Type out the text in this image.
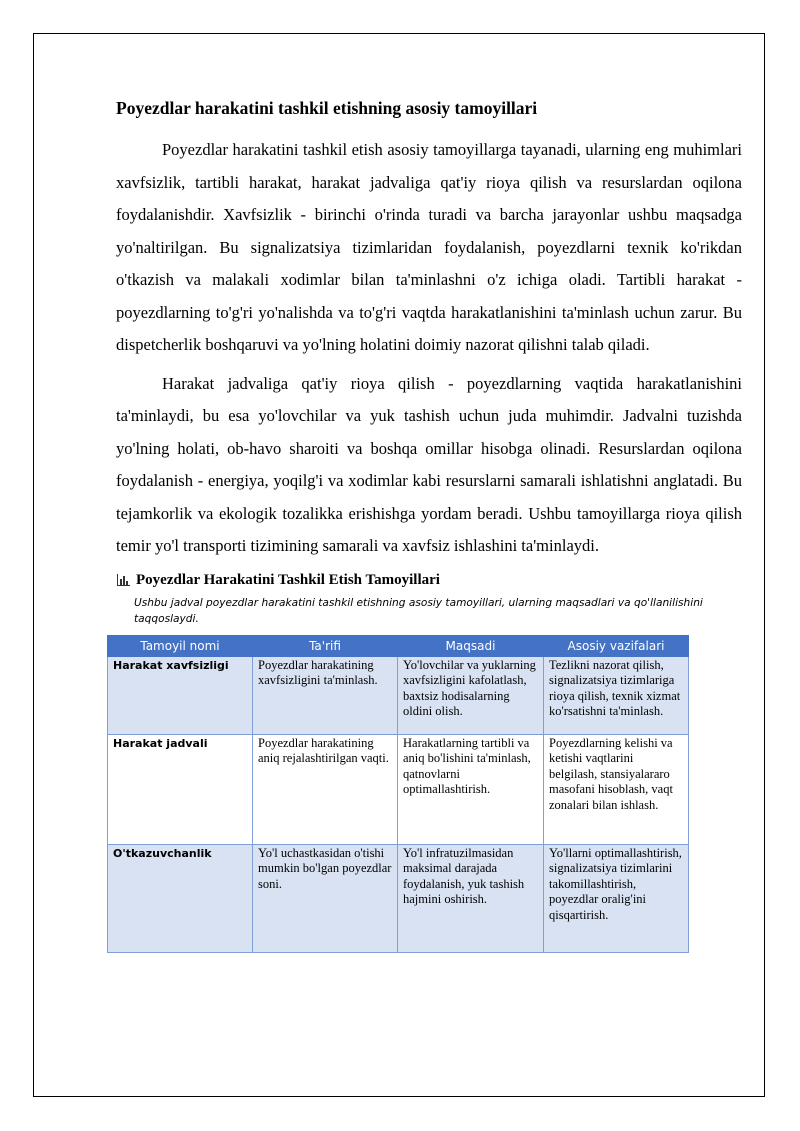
Poyezdlar harakatini tashkil etishning asosiy tamoyillari

Poyezdlar harakatini tashkil etish asosiy tamoyillarga tayanadi, ularning eng muhimlari xavfsizlik, tartibli harakat, harakat jadvaliga qat'iy rioya qilish va resurslardan oqilona foydalanishdir. Xavfsizlik - birinchi o'rinda turadi va barcha jarayonlar ushbu maqsadga yo'naltirilgan. Bu signalizatsiya tizimlaridan foydalanish, poyezdlarni texnik ko'rikdan o'tkazish va malakali xodimlar bilan ta'minlashni o'z ichiga oladi. Tartibli harakat - poyezdlarning to'g'ri yo'nalishda va to'g'ri vaqtda harakatlanishini ta'minlash uchun zarur. Bu dispetcherlik boshqaruvi va yo'lning holatini doimiy nazorat qilishni talab qiladi.

Harakat jadvaliga qat'iy rioya qilish - poyezdlarning vaqtida harakatlanishini ta'minlaydi, bu esa yo'lovchilar va yuk tashish uchun juda muhimdir. Jadvalni tuzishda yo'lning holati, ob-havo sharoiti va boshqa omillar hisobga olinadi. Resurslardan oqilona foydalanish - energiya, yoqilg'i va xodimlar kabi resurslarni samarali ishlatishni anglatadi. Bu tejamkorlik va ekologik tozalikka erishishga yordam beradi. Ushbu tamoyillarga rioya qilish temir yo'l transporti tizimining samarali va xavfsiz ishlashini ta'minlaydi.

Poyezdlar Harakatini Tashkil Etish Tamoyillari
Ushbu jadval poyezdlar harakatini tashkil etishning asosiy tamoyillari, ularning maqsadlari va qo'llanilishini taqqoslaydi.
Tamoyil nomi	Ta'rifi	Maqsadi	Asosiy vazifalari
Harakat xavfsizligi	Poyezdlar harakatining xavfsizligini ta'minlash.	Yo'lovchilar va yuklarning xavfsizligini kafolatlash, baxtsiz hodisalarning oldini olish.	Tezlikni nazorat qilish, signalizatsiya tizimlariga rioya qilish, texnik xizmat ko'rsatishni ta'minlash.
Harakat jadvali	Poyezdlar harakatining aniq rejalashtirilgan vaqti.	Harakatlarning tartibli va aniq bo'lishini ta'minlash, qatnovlarni optimallashtirish.	Poyezdlarning kelishi va ketishi vaqtlarini belgilash, stansiyalararo masofani hisoblash, vaqt zonalari bilan ishlash.
O'tkazuvchanlik	Yo'l uchastkasidan o'tishi mumkin bo'lgan poyezdlar soni.	Yo'l infratuzilmasidan maksimal darajada foydalanish, yuk tashish hajmini oshirish.	Yo'llarni optimallashtirish, signalizatsiya tizimlarini takomillashtirish, poyezdlar oralig'ini qisqartirish.
